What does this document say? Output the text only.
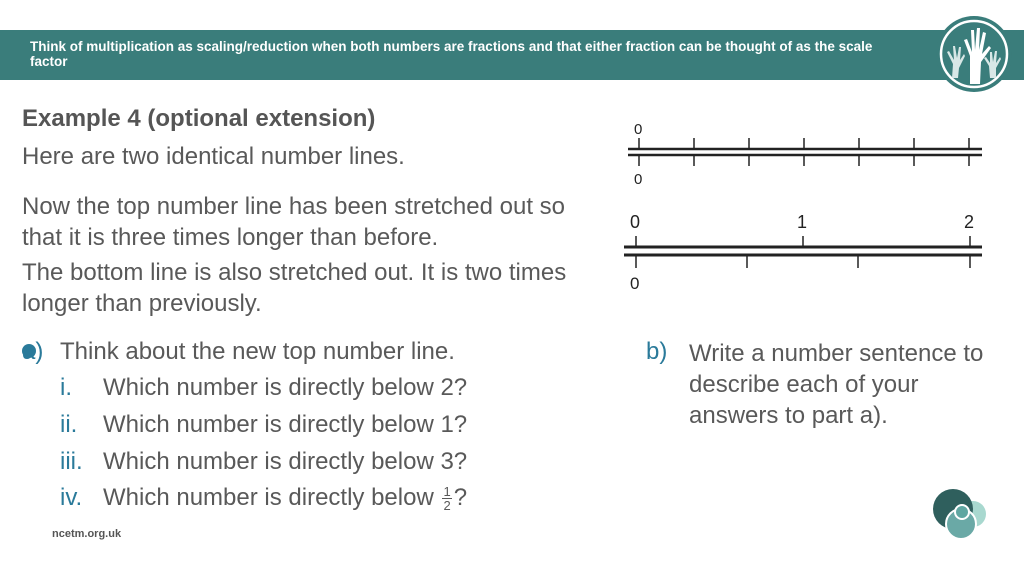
Think of multiplication as scaling/reduction when both numbers are fractions and that either fraction can be thought of as the scale factor
Example 4 (optional extension)
Here are two identical number lines.
Now the top number line has been stretched out so that it is three times longer than before.
The bottom line is also stretched out. It is two times longer than previously.
0
0
0	1	2
0
a) Think about the new top number line.
i. Which number is directly below 2?
ii. Which number is directly below 1?
iii. Which number is directly below 3?
iv. Which number is directly below $\frac{1}{2}$ ?
b) Write a number sentence to describe each of your answers to part a).
ncetm.org.uk
